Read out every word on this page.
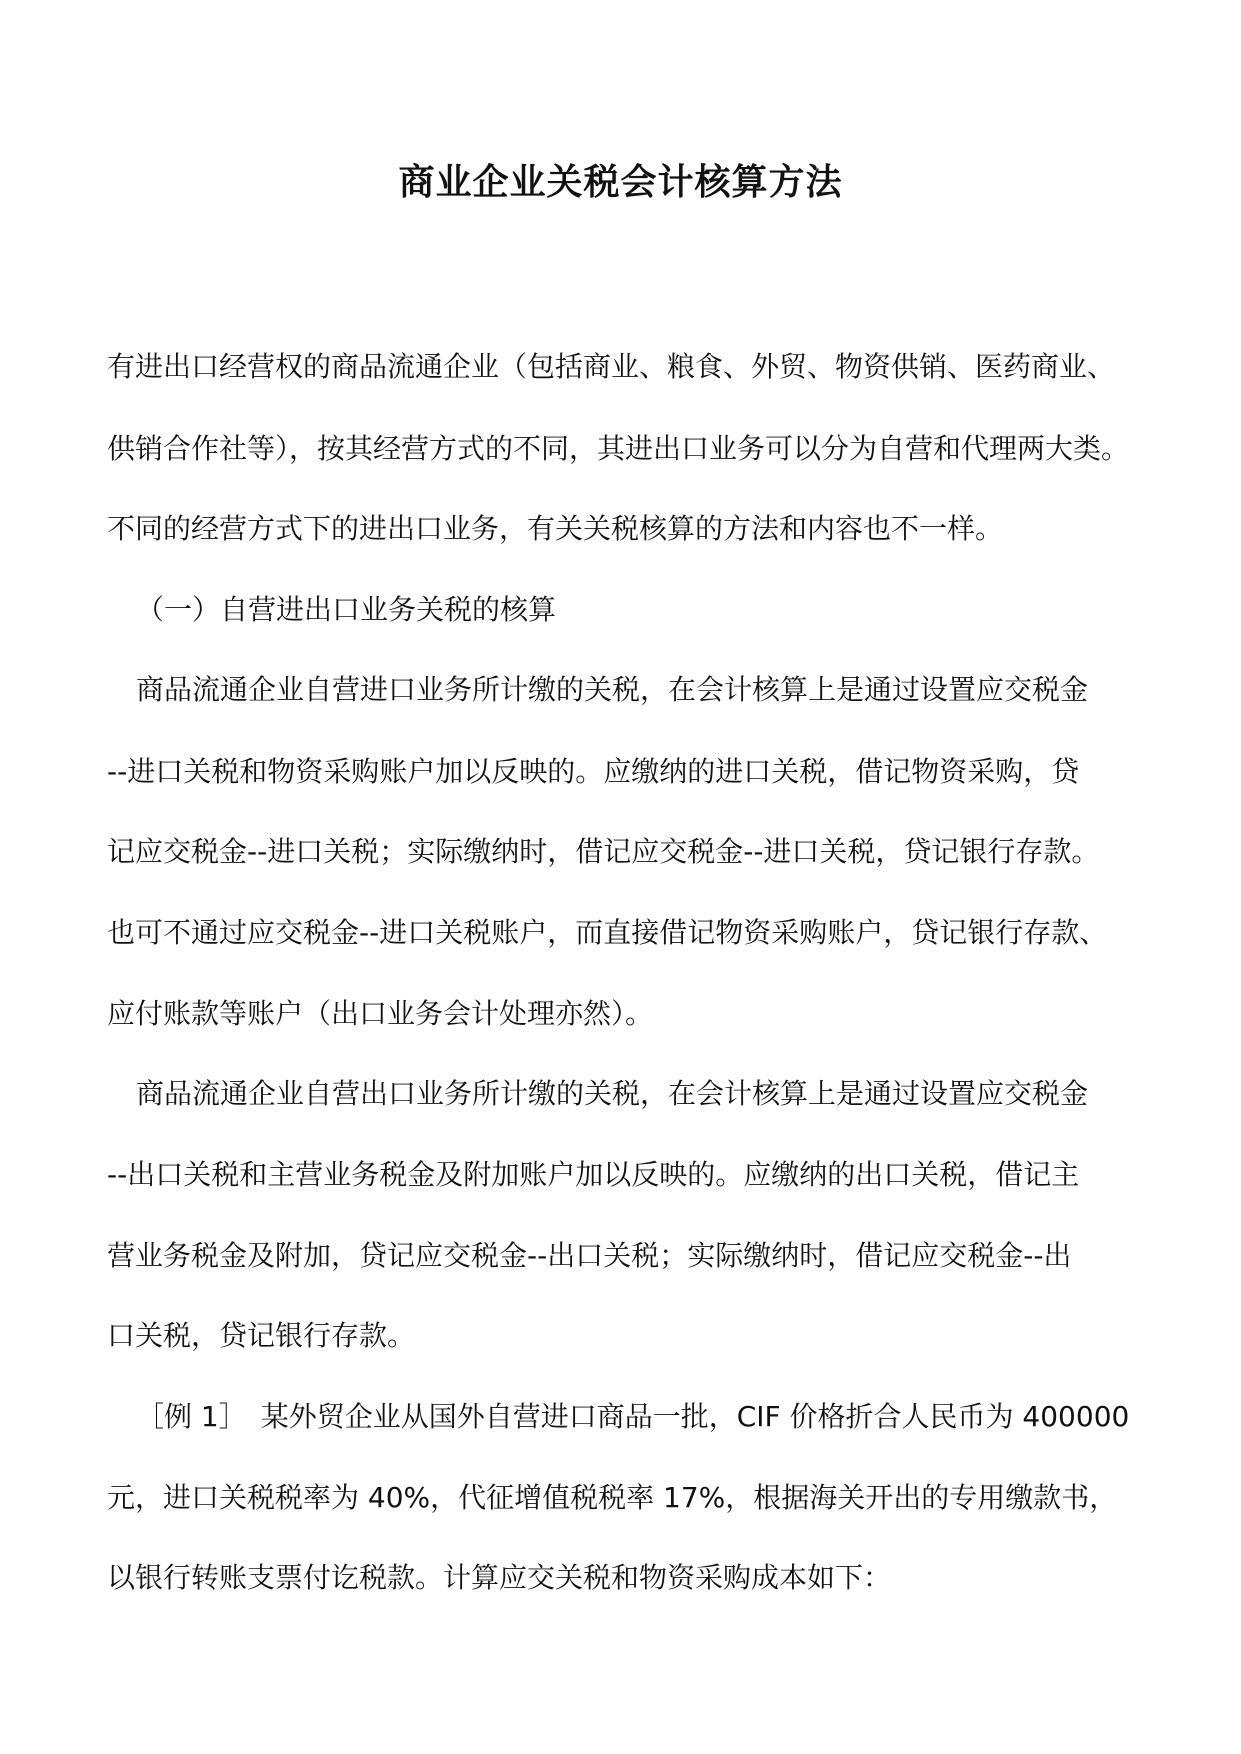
商业企业关税会计核算方法

有进出口经营权的商品流通企业（包括商业、粮食、外贸、物资供销、医药商业、

供销合作社等），按其经营方式的不同，其进出口业务可以分为自营和代理两大类。

不同的经营方式下的进出口业务，有关关税核算的方法和内容也不一样。

（一）自营进出口业务关税的核算

商品流通企业自营进口业务所计缴的关税，在会计核算上是通过设置应交税金

--进口关税和物资采购账户加以反映的。应缴纳的进口关税，借记物资采购，贷

记应交税金--进口关税；实际缴纳时，借记应交税金--进口关税，贷记银行存款。

也可不通过应交税金--进口关税账户，而直接借记物资采购账户，贷记银行存款、

应付账款等账户（出口业务会计处理亦然）。

商品流通企业自营出口业务所计缴的关税，在会计核算上是通过设置应交税金

--出口关税和主营业务税金及附加账户加以反映的。应缴纳的出口关税，借记主

营业务税金及附加，贷记应交税金--出口关税；实际缴纳时，借记应交税金--出

口关税，贷记银行存款。

［例 1］　某外贸企业从国外自营进口商品一批，CIF 价格折合人民币为 400000

元，进口关税税率为 40%，代征增值税税率 17%，根据海关开出的专用缴款书，

以银行转账支票付讫税款。计算应交关税和物资采购成本如下：
